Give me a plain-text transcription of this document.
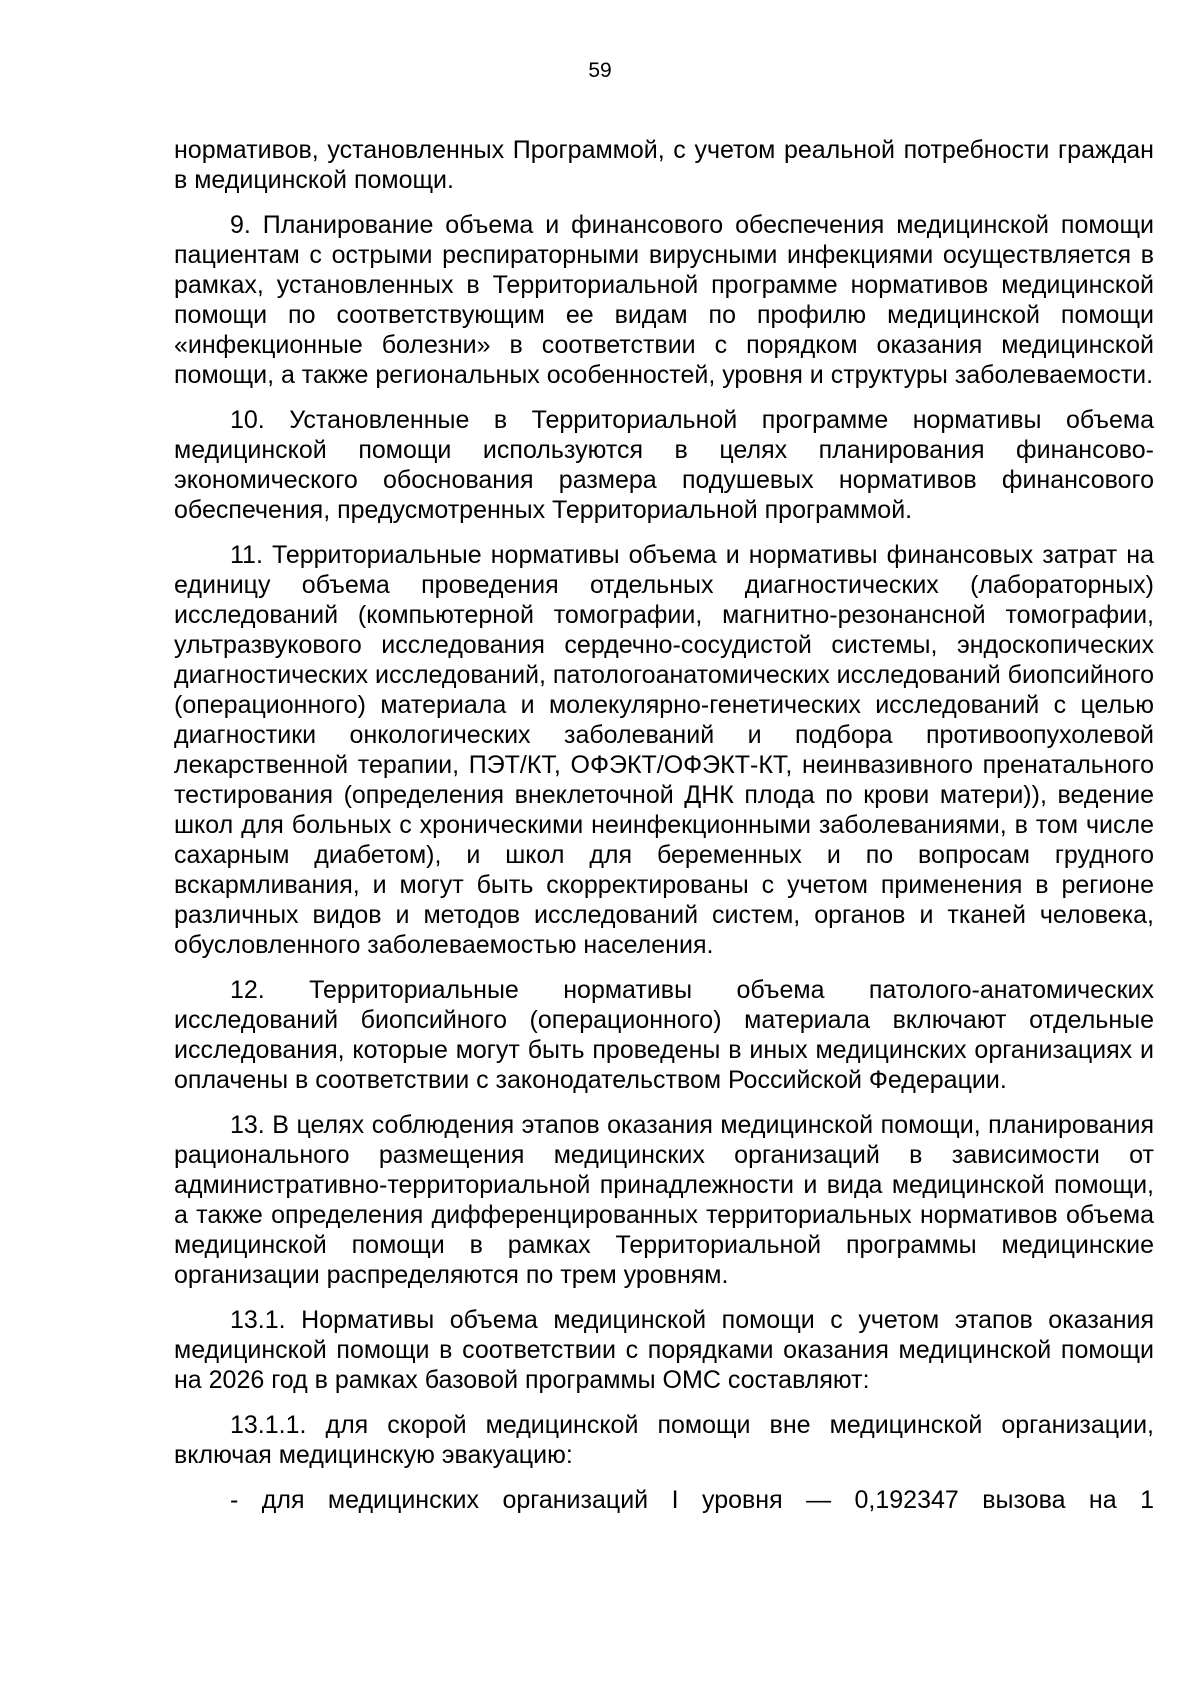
59

нормативов, установленных Программой, с учетом реальной потребности граждан в медицинской помощи.

9. Планирование объема и финансового обеспечения медицинской помощи пациентам с острыми респираторными вирусными инфекциями осуществляется в рамках, установленных в Территориальной программе нормативов медицинской помощи по соответствующим ее видам по профилю медицинской помощи «инфекционные болезни» в соответствии с порядком оказания медицинской помощи, а также региональных особенностей, уровня и структуры заболеваемости.

10. Установленные в Территориальной программе нормативы объема медицинской помощи используются в целях планирования финансово-экономического обоснования размера подушевых нормативов финансового обеспечения, предусмотренных Территориальной программой.

11. Территориальные нормативы объема и нормативы финансовых затрат на единицу объема проведения отдельных диагностических (лабораторных) исследований (компьютерной томографии, магнитно-резонансной томографии, ультразвукового исследования сердечно-сосудистой системы, эндоскопических диагностических исследований, патологоанатомических исследований биопсийного (операционного) материала и молекулярно-генетических исследований с целью диагностики онкологических заболеваний и подбора противоопухолевой лекарственной терапии, ПЭТ/КТ, ОФЭКТ/ОФЭКТ-КТ, неинвазивного пренатального тестирования (определения внеклеточной ДНК плода по крови матери)), ведение школ для больных с хроническими неинфекционными заболеваниями, в том числе сахарным диабетом), и школ для беременных и по вопросам грудного вскармливания, и могут быть скорректированы с учетом применения в регионе различных видов и методов исследований систем, органов и тканей человека, обусловленного заболеваемостью населения.

12. Территориальные нормативы объема патолого-анатомических исследований биопсийного (операционного) материала включают отдельные исследования, которые могут быть проведены в иных медицинских организациях и оплачены в соответствии с законодательством Российской Федерации.

13. В целях соблюдения этапов оказания медицинской помощи, планирования рационального размещения медицинских организаций в зависимости от административно-территориальной принадлежности и вида медицинской помощи, а также определения дифференцированных территориальных нормативов объема медицинской помощи в рамках Территориальной программы медицинские организации распределяются по трем уровням.

13.1. Нормативы объема медицинской помощи с учетом этапов оказания медицинской помощи в соответствии с порядками оказания медицинской помощи на 2026 год в рамках базовой программы ОМС составляют:

13.1.1. для скорой медицинской помощи вне медицинской организации, включая медицинскую эвакуацию:

- для медицинских организаций I уровня — 0,192347 вызова на 1
